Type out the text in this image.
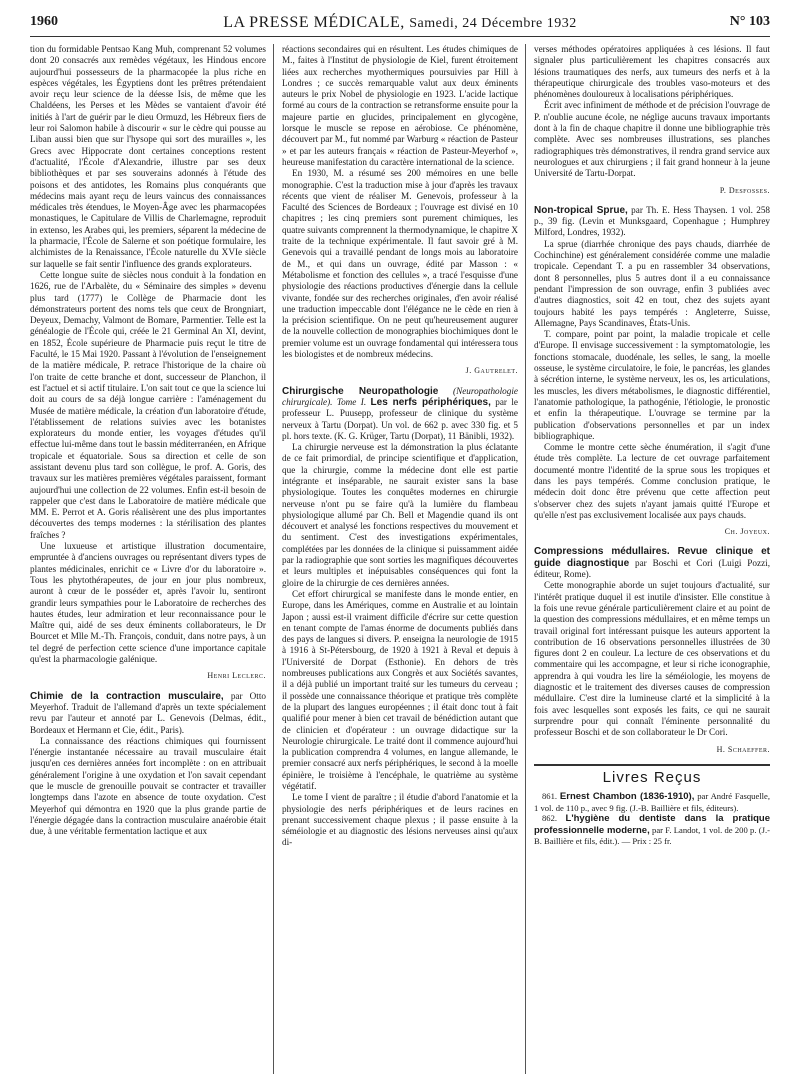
1960	LA PRESSE MÉDICALE, Samedi, 24 Décembre 1932	N° 103

tion du formidable Pentsao Kang Muh, comprenant 52 volumes dont 20 consacrés aux remèdes végétaux, les Hindous encore aujourd'hui possesseurs de la pharmacopée la plus riche en espèces végétales, les Égyptiens dont les prêtres prétendaient avoir reçu leur science de la déesse Isis, de même que les Chaldéens, les Perses et les Mèdes se vantaient d'avoir été initiés à l'art de guérir par le dieu Ormuzd, les Hébreux fiers de leur roi Salomon habile à discourir « sur le cèdre qui pousse au Liban aussi bien que sur l'hysope qui sort des murailles », les Grecs avec Hippocrate dont certaines conceptions restent d'actualité, l'École d'Alexandrie, illustre par ses deux bibliothèques et par ses souverains adonnés à l'étude des poisons et des antidotes, les Romains plus conquérants que médecins mais ayant reçu de leurs vaincus des connaissances médicales très étendues, le Moyen-Âge avec les pharmacopées monastiques, le Capitulare de Villis de Charlemagne, reproduit in extenso, les Arabes qui, les premiers, séparent la médecine de la pharmacie, l'École de Salerne et son poétique formulaire, les alchimistes de la Renaissance, l'École naturelle du XVIe siècle sur laquelle se fait sentir l'influence des grands explorateurs.

Cette longue suite de siècles nous conduit à la fondation en 1626, rue de l'Arbalète, du « Séminaire des simples » devenu plus tard (1777) le Collège de Pharmacie dont les démonstrateurs portent des noms tels que ceux de Brongniart, Deyeux, Demachy, Valmont de Bomare, Parmentier. Telle est la généalogie de l'École qui, créée le 21 Germinal An XI, devint, en 1852, École supérieure de Pharmacie puis reçut le titre de Faculté, le 15 Mai 1920. Passant à l'évolution de l'enseignement de la matière médicale, P. retrace l'historique de la chaire où l'on traite de cette branche et dont, successeur de Planchon, il est l'actuel et si actif titulaire. L'on sait tout ce que la science lui doit au cours de sa déjà longue carrière : l'aménagement du Musée de matière médicale, la création d'un laboratoire d'étude, l'établissement de relations suivies avec les botanistes explorateurs du monde entier, les voyages d'études qu'il effectue lui-même dans tout le bassin méditerranéen, en Afrique tropicale et équatoriale. Sous sa direction et celle de son assistant devenu plus tard son collègue, le prof. A. Goris, des travaux sur les matières premières végétales paraissent, formant aujourd'hui une collection de 22 volumes. Enfin est-il besoin de rappeler que c'est dans le Laboratoire de matière médicale que MM. E. Perrot et A. Goris réalisèrent une des plus importantes découvertes des temps modernes : la stérilisation des plantes fraîches ?

Une luxueuse et artistique illustration documentaire, empruntée à d'anciens ouvrages ou représentant divers types de plantes médicinales, enrichit ce « Livre d'or du laboratoire ». Tous les phytothérapeutes, de jour en jour plus nombreux, auront à cœur de le posséder et, après l'avoir lu, sentiront grandir leurs sympathies pour le Laboratoire de recherches des hautes études, leur admiration et leur reconnaissance pour le Maître qui, aidé de ses deux éminents collaborateurs, le Dr Bourcet et Mlle M.-Th. François, conduit, dans notre pays, à un tel degré de perfection cette science d'une importance capitale qu'est la pharmacologie galénique.

Henri Leclerc.

Chimie de la contraction musculaire, par Otto Meyerhof. Traduit de l'allemand d'après un texte spécialement revu par l'auteur et annoté par L. Genevois (Delmas, édit., Bordeaux et Hermann et Cie, édit., Paris).

La connaissance des réactions chimiques qui fournissent l'énergie instantanée nécessaire au travail musculaire était jusqu'en ces dernières années fort incomplète : on en attribuait généralement l'origine à une oxydation et l'on savait cependant que le muscle de grenouille pouvait se contracter et travailler longtemps dans l'azote en absence de toute oxydation. C'est Meyerhof qui démontra en 1920 que la plus grande partie de l'énergie dégagée dans la contraction musculaire anaérobie était due, à une véritable fermentation lactique et aux

réactions secondaires qui en résultent. Les études chimiques de M., faites à l'Institut de physiologie de Kiel, furent étroitement liées aux recherches myothermiques poursuivies par Hill à Londres ; ce succès remarquable valut aux deux éminents auteurs le prix Nobel de physiologie en 1923. L'acide lactique formé au cours de la contraction se retransforme ensuite pour la majeure partie en glucides, principalement en glycogène, lorsque le muscle se repose en aérobiose. Ce phénomène, découvert par M., fut nommé par Warburg « réaction de Pasteur » et par les auteurs français « réaction de Pasteur-Meyerhof », heureuse manifestation du caractère international de la science.

En 1930, M. a résumé ses 200 mémoires en une belle monographie. C'est la traduction mise à jour d'après les travaux récents que vient de réaliser M. Genevois, professeur à la Faculté des Sciences de Bordeaux ; l'ouvrage est divisé en 10 chapitres ; les cinq premiers sont purement chimiques, les quatre suivants comprennent la thermodynamique, le chapitre X traite de la technique expérimentale. Il faut savoir gré à M. Genevois qui a travaillé pendant de longs mois au laboratoire de M., et qui dans un ouvrage, édité par Masson : « Métabolisme et fonction des cellules », a tracé l'esquisse d'une physiologie des réactions productives d'énergie dans la cellule vivante, fondée sur des recherches originales, d'en avoir réalisé une traduction impeccable dont l'élégance ne le cède en rien à la précision scientifique. On ne peut qu'heureusement augurer de la nouvelle collection de monographies biochimiques dont le premier volume est un ouvrage fondamental qui intéressera tous les biologistes et de nombreux médecins.

J. Gautrelet.

Chirurgische Neuropathologie (Neuropathologie chirurgicale). Tome I. Les nerfs périphériques, par le professeur L. Puusepp, professeur de clinique du système nerveux à Tartu (Dorpat). Un vol. de 662 p. avec 330 fig. et 5 pl. hors texte. (K. G. Krüger, Tartu (Dorpat), 11 Bänibli, 1932).

La chirurgie nerveuse est la démonstration la plus éclatante de ce fait primordial, de principe scientifique et d'application, que la chirurgie, comme la médecine dont elle est partie intégrante et inséparable, ne saurait exister sans la base physiologique. Toutes les conquêtes modernes en chirurgie nerveuse n'ont pu se faire qu'à la lumière du flambeau physiologique allumé par Ch. Bell et Magendie quand ils ont découvert et analysé les fonctions respectives du mouvement et du sentiment. C'est des investigations expérimentales, complétées par les données de la clinique si puissamment aidée par la radiographie que sont sorties les magnifiques découvertes et leurs multiples et inépuisables conséquences qui font la gloire de la chirurgie de ces dernières années.

Cet effort chirurgical se manifeste dans le monde entier, en Europe, dans les Amériques, comme en Australie et au lointain Japon ; aussi est-il vraiment difficile d'écrire sur cette question en tenant compte de l'amas énorme de documents publiés dans des pays de langues si divers. P. enseigna la neurologie de 1915 à 1916 à St-Pétersbourg, de 1920 à 1921 à Reval et depuis à l'Université de Dorpat (Esthonie). En dehors de très nombreuses publications aux Congrès et aux Sociétés savantes, il a déjà publié un important traité sur les tumeurs du cerveau ; il possède une connaissance théorique et pratique très complète de la plupart des langues européennes ; il était donc tout à fait qualifié pour mener à bien cet travail de bénédiction autant que de clinicien et d'opérateur : un ouvrage didactique sur la Neurologie chirurgicale. Le traité dont il commence aujourd'hui la publication comprendra 4 volumes, en langue allemande, le premier consacré aux nerfs périphériques, le second à la moelle épinière, le troisième à l'encéphale, le quatrième au système végétatif.

Le tome I vient de paraître ; il étudie d'abord l'anatomie et la physiologie des nerfs périphériques et de leurs racines en prenant successivement chaque plexus ; il passe ensuite à la séméiologie et au diagnostic des lésions nerveuses ainsi qu'aux di-

verses méthodes opératoires appliquées à ces lésions. Il faut signaler plus particulièrement les chapitres consacrés aux lésions traumatiques des nerfs, aux tumeurs des nerfs et à la thérapeutique chirurgicale des troubles vaso-moteurs et des phénomènes douloureux à localisations périphériques.

Écrit avec infiniment de méthode et de précision l'ouvrage de P. n'oublie aucune école, ne néglige aucuns travaux importants dont à la fin de chaque chapitre il donne une bibliographie très complète. Avec ses nombreuses illustrations, ses planches radiographiques très démonstratives, il rendra grand service aux neurologues et aux chirurgiens ; il fait grand honneur à la jeune Université de Tartu-Dorpat.

P. Desfosses.

Non-tropical Sprue, par Th. E. Hess Thaysen. 1 vol. 258 p., 39 fig. (Levin et Munksgaard, Copenhague ; Humphrey Milford, Londres, 1932).

La sprue (diarrhée chronique des pays chauds, diarrhée de Cochinchine) est généralement considérée comme une maladie tropicale. Cependant T. a pu en rassembler 34 observations, dont 8 personnelles, plus 5 autres dont il a eu connaissance pendant l'impression de son ouvrage, enfin 3 publiées avec d'autres diagnostics, soit 42 en tout, chez des sujets ayant toujours habité les pays tempérés : Angleterre, Suisse, Allemagne, Pays Scandinaves, États-Unis.

T. compare, point par point, la maladie tropicale et celle d'Europe. Il envisage successivement : la symptomatologie, les fonctions stomacale, duodénale, les selles, le sang, la moelle osseuse, le système circulatoire, le foie, le pancréas, les glandes à sécrétion interne, le système nerveux, les os, les articulations, les muscles, les divers métabolismes, le diagnostic différentiel, l'anatomie pathologique, la pathogénie, l'étiologie, le pronostic et enfin la thérapeutique. L'ouvrage se termine par la publication d'observations personnelles et par un index bibliographique.

Comme le montre cette sèche énumération, il s'agit d'une étude très complète. La lecture de cet ouvrage parfaitement documenté montre l'identité de la sprue sous les tropiques et dans les pays tempérés. Comme conclusion pratique, le médecin doit donc être prévenu que cette affection peut s'observer chez des sujets n'ayant jamais quitté l'Europe et qu'elle n'est pas exclusivement localisée aux pays chauds.

Ch. Joyeux.

Compressions médullaires. Revue clinique et guide diagnostique par Boschi et Cori (Luigi Pozzi, éditeur, Rome).

Cette monographie aborde un sujet toujours d'actualité, sur l'intérêt pratique duquel il est inutile d'insister. Elle constitue à la fois une revue générale particulièrement claire et au point de la question des compressions médullaires, et en même temps un travail original fort intéressant puisque les auteurs apportent la contribution de 16 observations personnelles illustrées de 30 figures dont 2 en couleur. La lecture de ces observations et du commentaire qui les accompagne, et leur si riche iconographie, apprendra à qui voudra les lire la séméiologie, les moyens de diagnostic et le traitement des diverses causes de compression médullaire. C'est dire la lumineuse clarté et la simplicité à la fois avec lesquelles sont exposés les faits, ce qui ne saurait surprendre pour qui connaît l'éminente personnalité du professeur Boschi et de son collaborateur le Dr Cori.

H. Schaeffer.
Livres Reçus

861. Ernest Chambon (1836-1910), par André Fasquelle, 1 vol. de 110 p., avec 9 fig. (J.-B. Baillière et fils, éditeurs).

862. L'hygiène du dentiste dans la pratique professionnelle moderne, par F. Landot, 1 vol. de 200 p. (J.-B. Baillière et fils, édit.). — Prix : 25 fr.
